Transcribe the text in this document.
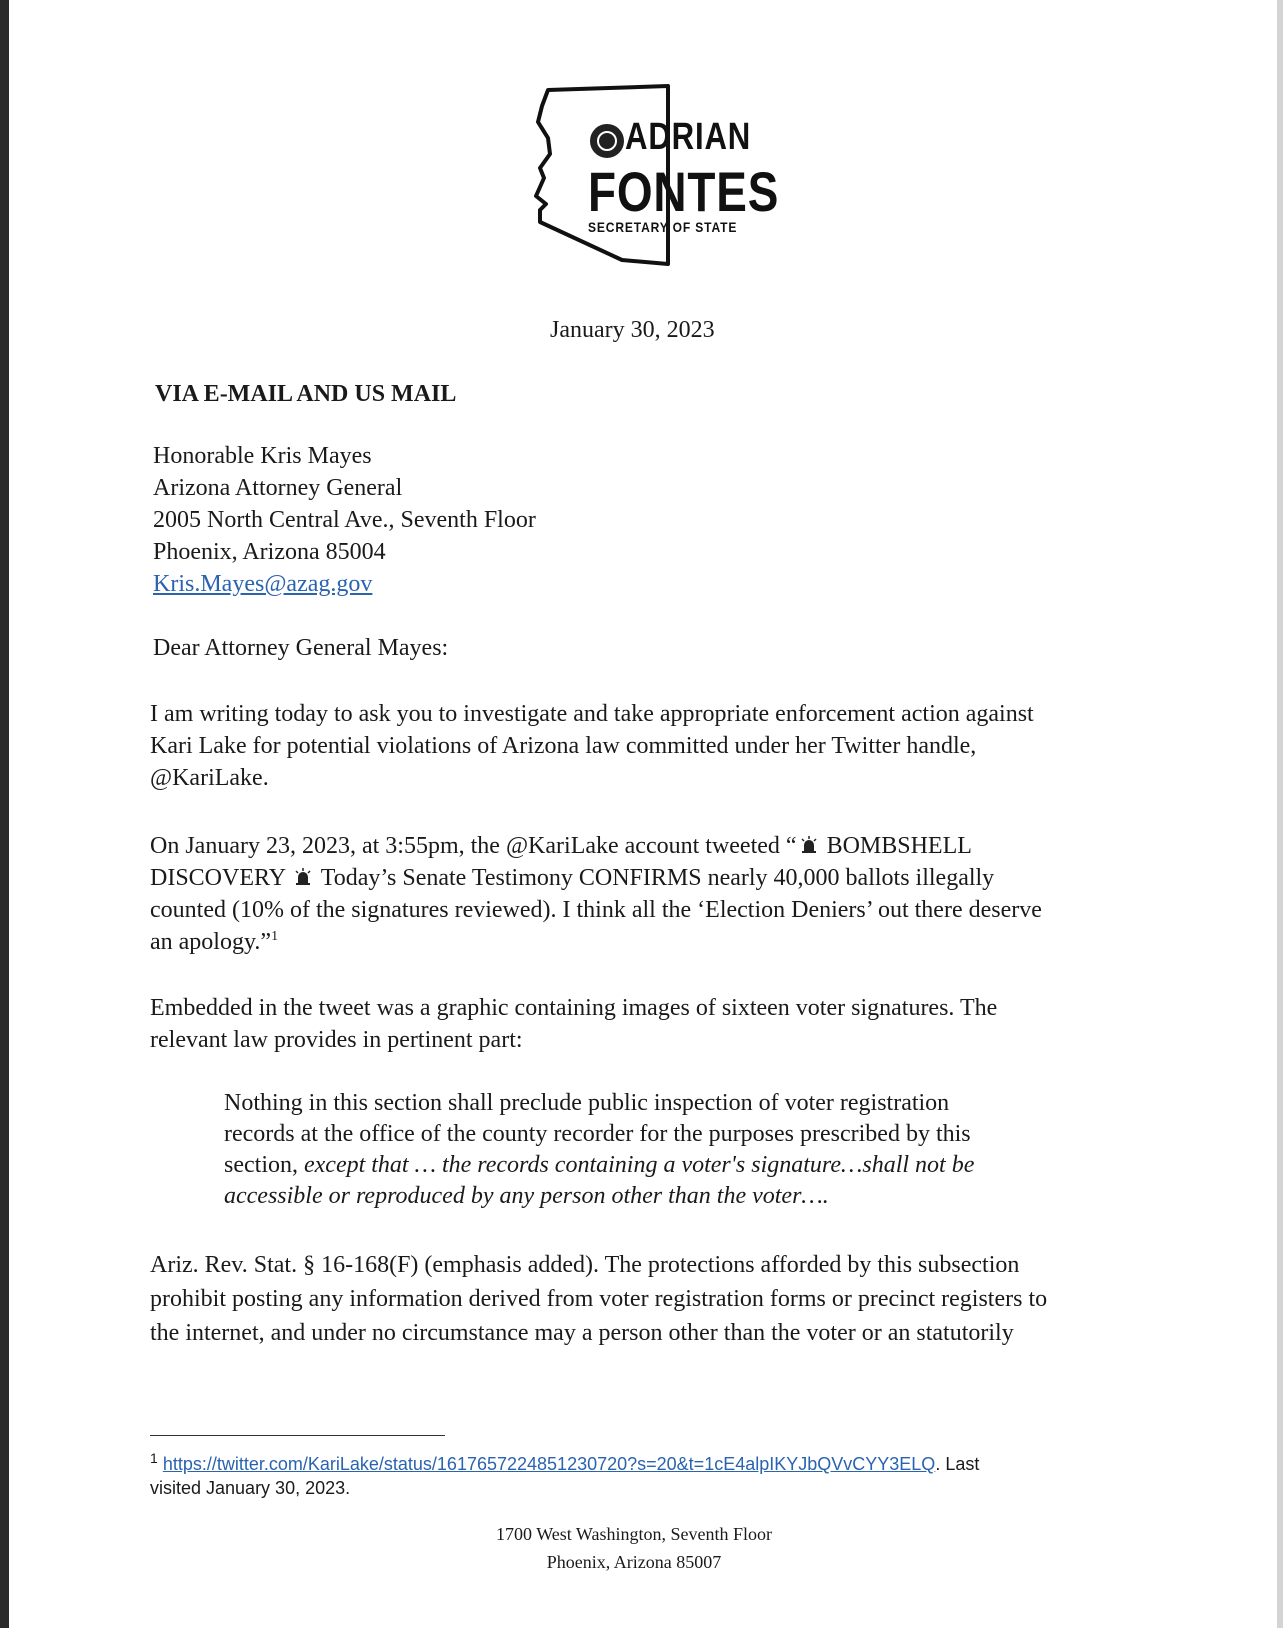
ADRIAN
FONTES
SECRETARY OF STATE
January 30, 2023
VIA E-MAIL AND US MAIL
Honorable Kris Mayes
Arizona Attorney General
2005 North Central Ave., Seventh Floor
Phoenix, Arizona 85004
Kris.Mayes@azag.gov
Dear Attorney General Mayes:
I am writing today to ask you to investigate and take appropriate enforcement action against
Kari Lake for potential violations of Arizona law committed under her Twitter handle,
@KariLake.
On January 23, 2023, at 3:55pm, the @KariLake account tweeted “ BOMBSHELL
DISCOVERY  Today’s Senate Testimony CONFIRMS nearly 40,000 ballots illegally
counted (10% of the signatures reviewed). I think all the ‘Election Deniers’ out there deserve
an apology.”$^1$
Embedded in the tweet was a graphic containing images of sixteen voter signatures. The
relevant law provides in pertinent part:
Nothing in this section shall preclude public inspection of voter registration
records at the office of the county recorder for the purposes prescribed by this
section, except that … the records containing a voter's signature…shall not be
accessible or reproduced by any person other than the voter….
Ariz. Rev. Stat. § 16-168(F) (emphasis added). The protections afforded by this subsection
prohibit posting any information derived from voter registration forms or precinct registers to
the internet, and under no circumstance may a person other than the voter or an statutorily
$^1$ https://twitter.com/KariLake/status/1617657224851230720?s=20&t=1cE4alpIKYJbQVvCYY3ELQ. Last
visited January 30, 2023.
1700 West Washington, Seventh Floor
Phoenix, Arizona 85007
